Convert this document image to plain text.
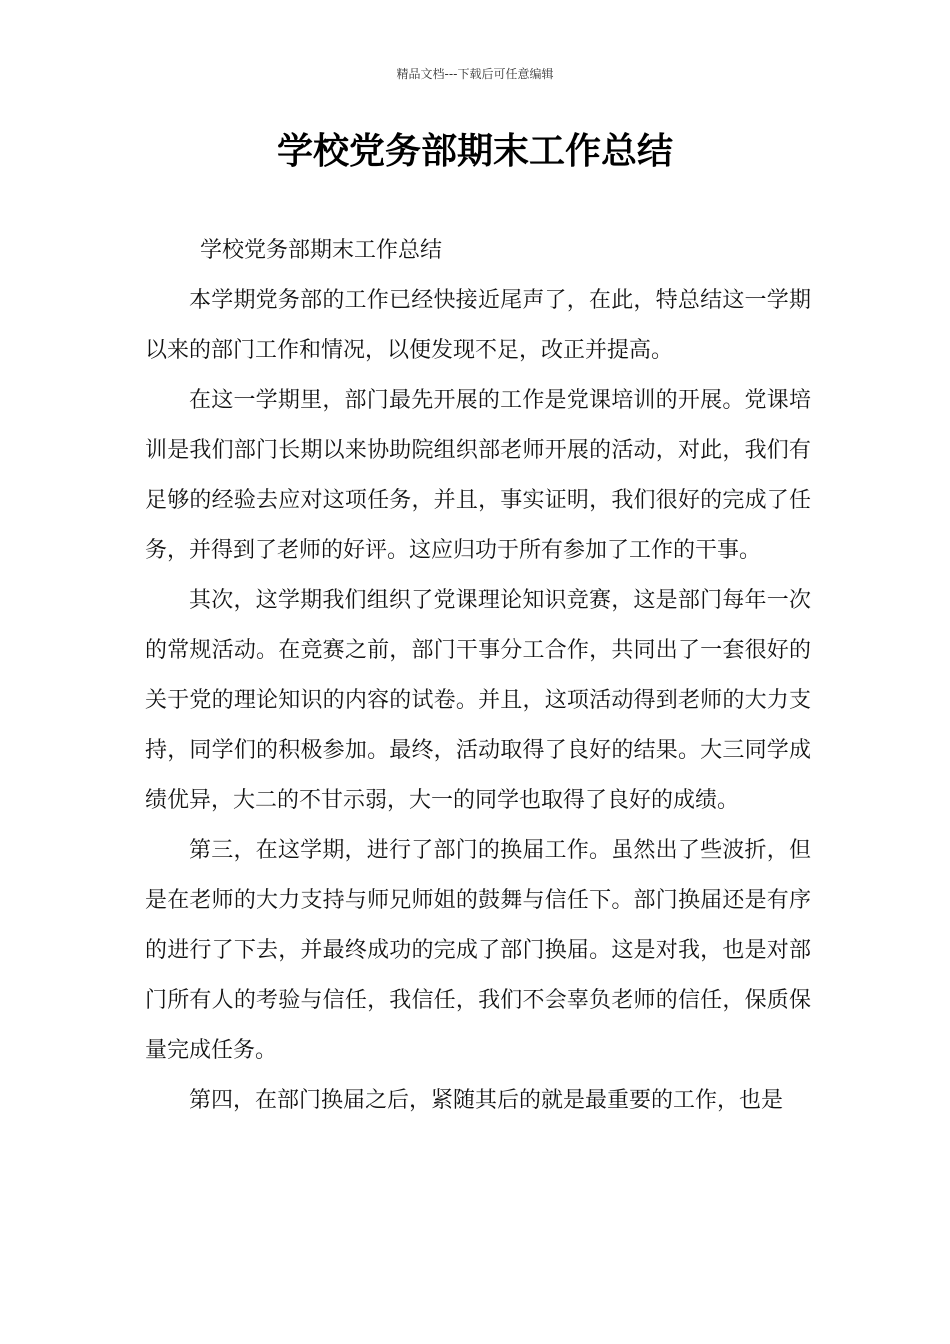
精品文档---下载后可任意编辑
学校党务部期末工作总结

学校党务部期末工作总结

本学期党务部的工作已经快接近尾声了，在此，特总结这一学期以来的部门工作和情况，以便发现不足，改正并提高。

在这一学期里，部门最先开展的工作是党课培训的开展。党课培训是我们部门长期以来协助院组织部老师开展的活动，对此，我们有足够的经验去应对这项任务，并且，事实证明，我们很好的完成了任务，并得到了老师的好评。这应归功于所有参加了工作的干事。

其次，这学期我们组织了党课理论知识竞赛，这是部门每年一次的常规活动。在竞赛之前，部门干事分工合作，共同出了一套很好的关于党的理论知识的内容的试卷。并且，这项活动得到老师的大力支持，同学们的积极参加。最终，活动取得了良好的结果。大三同学成绩优异，大二的不甘示弱，大一的同学也取得了良好的成绩。

第三，在这学期，进行了部门的换届工作。虽然出了些波折，但是在老师的大力支持与师兄师姐的鼓舞与信任下。部门换届还是有序的进行了下去，并最终成功的完成了部门换届。这是对我，也是对部门所有人的考验与信任，我信任，我们不会辜负老师的信任，保质保量完成任务。

第四，在部门换届之后，紧随其后的就是最重要的工作，也是
